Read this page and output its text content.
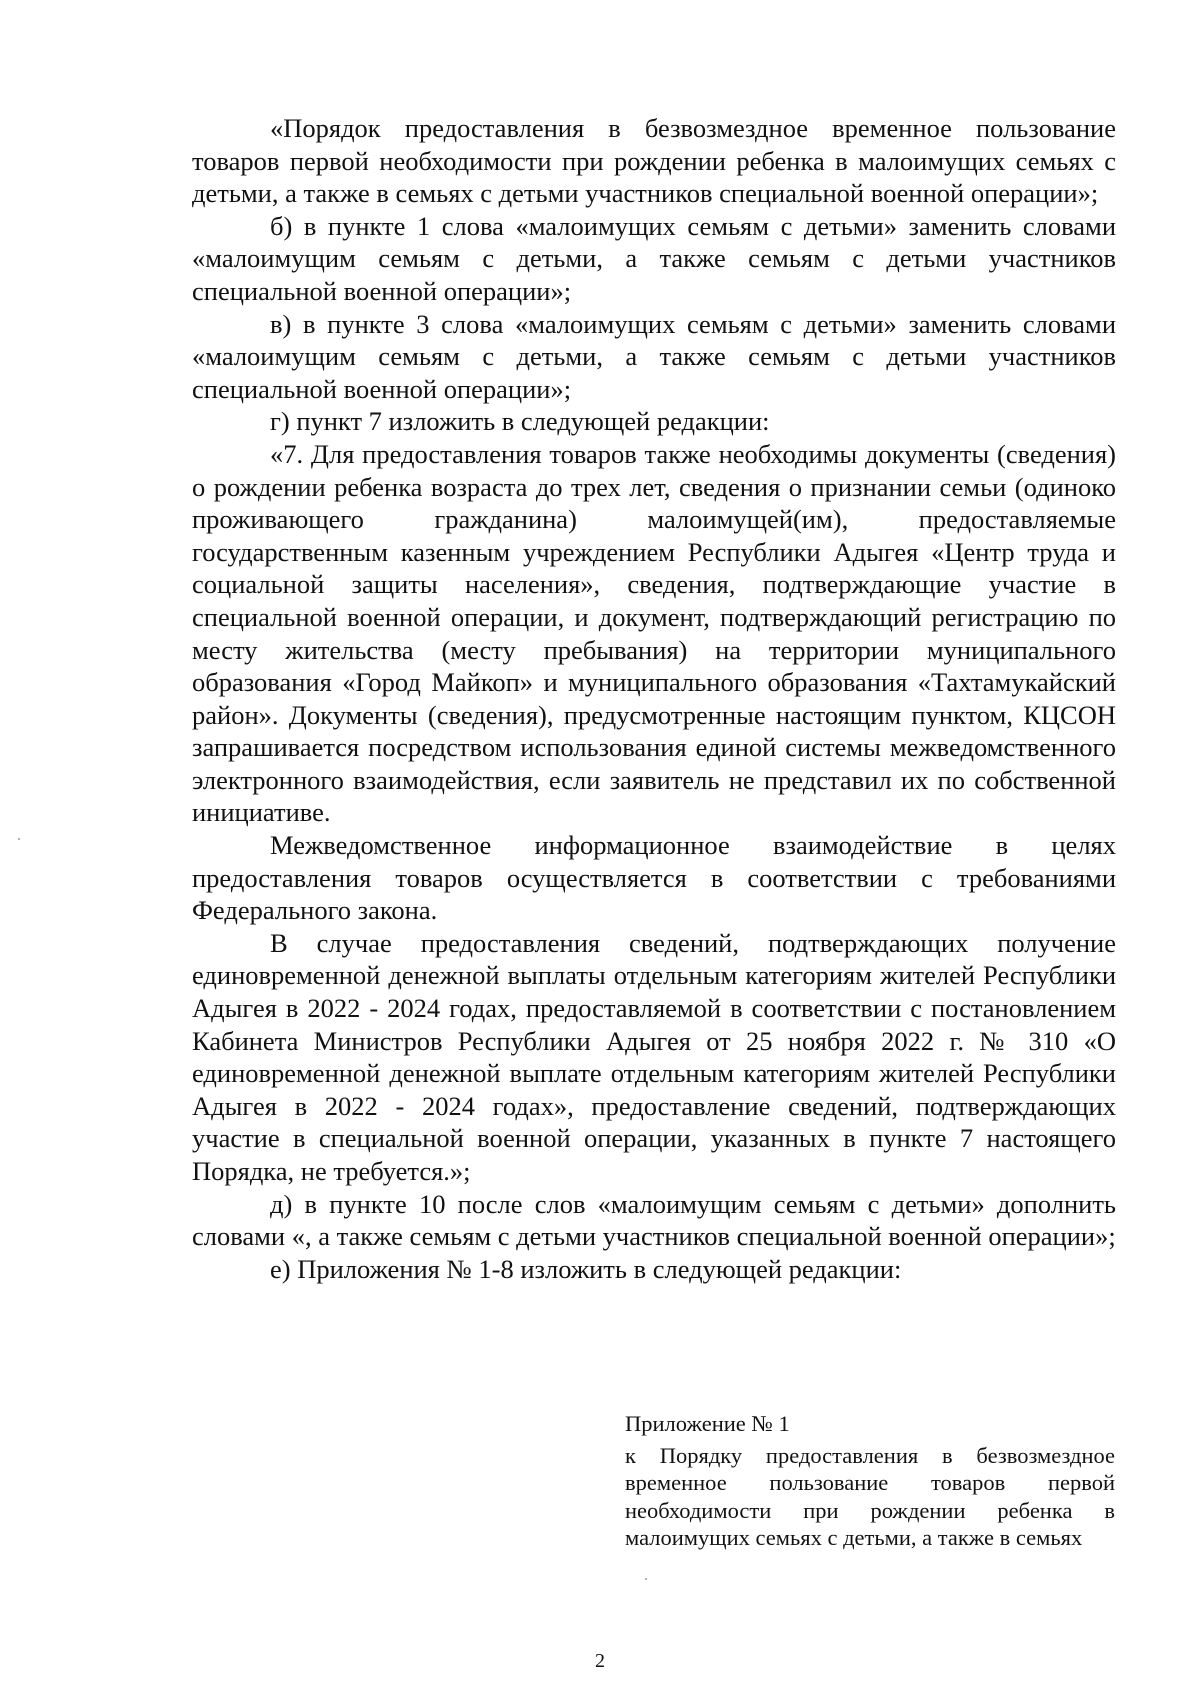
«Порядок предоставления в безвозмездное временное пользование товаров первой необходимости при рождении ребенка в малоимущих семьях с детьми, а также в семьях с детьми участников специальной военной операции»;

б) в пункте 1 слова «малоимущих семьям с детьми» заменить словами «малоимущим семьям с детьми, а также семьям с детьми участников специальной военной операции»;

в) в пункте 3 слова «малоимущих семьям с детьми» заменить словами «малоимущим семьям с детьми, а также семьям с детьми участников специальной военной операции»;

г) пункт 7 изложить в следующей редакции:

«7. Для предоставления товаров также необходимы документы (сведения) о рождении ребенка возраста до трех лет, сведения о признании семьи (одиноко проживающего гражданина) малоимущей(им), предоставляемые государственным казенным учреждением Республики Адыгея «Центр труда и социальной защиты населения», сведения, подтверждающие участие в специальной военной операции, и документ, подтверждающий регистрацию по месту жительства (месту пребывания) на территории муниципального образования «Город Майкоп» и муниципального образования «Тахтамукайский район». Документы (сведения), предусмотренные настоящим пунктом, КЦСОН запрашивается посредством использования единой системы межведомственного электронного взаимодействия, если заявитель не представил их по собственной инициативе.

Межведомственное информационное взаимодействие в целях предоставления товаров осуществляется в соответствии с требованиями Федерального закона.

В случае предоставления сведений, подтверждающих получение единовременной денежной выплаты отдельным категориям жителей Республики Адыгея в 2022 - 2024 годах, предоставляемой в соответствии с постановлением Кабинета Министров Республики Адыгея от 25 ноября 2022 г. № 310 «О единовременной денежной выплате отдельным категориям жителей Республики Адыгея в 2022 - 2024 годах», предоставление сведений, подтверждающих участие в специальной военной операции, указанных в пункте 7 настоящего Порядка, не требуется.»;

д) в пункте 10 после слов «малоимущим семьям с детьми» дополнить словами «, а также семьям с детьми участников специальной военной операции»;

е) Приложения № 1-8 изложить в следующей редакции:

Приложение № 1

к Порядку предоставления в безвозмездное временное пользование товаров первой необходимости при рождении ребенка в малоимущих семьях с детьми, а также в семьях

2
